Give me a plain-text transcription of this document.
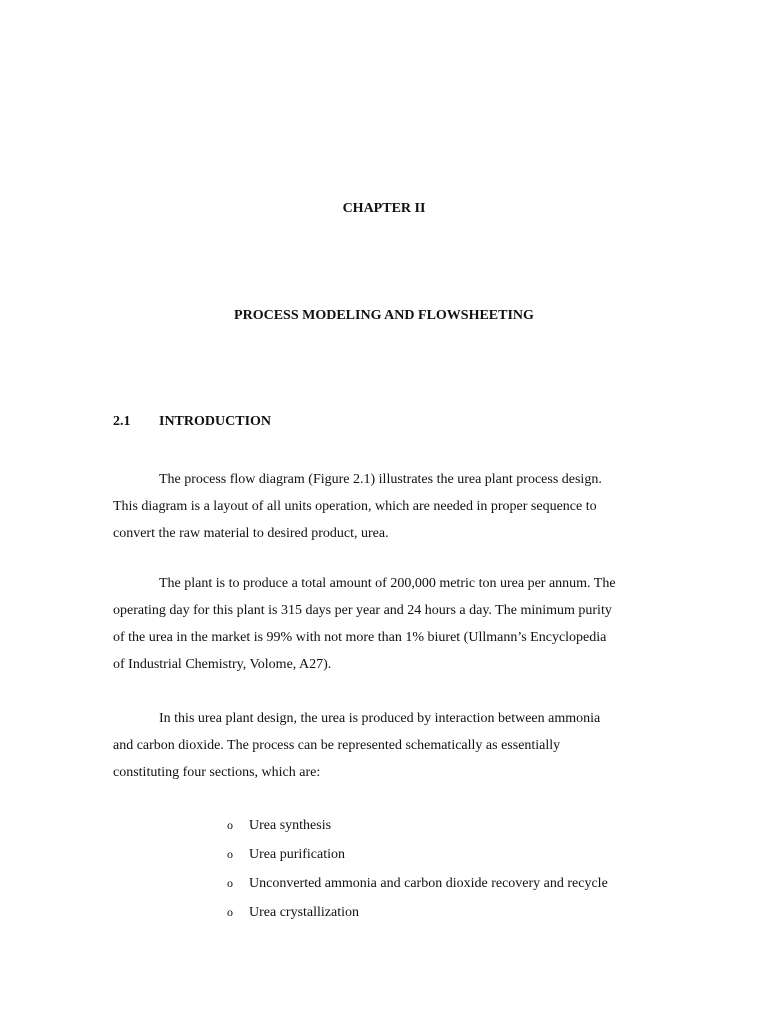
CHAPTER II
PROCESS MODELING AND FLOWSHEETING
2.1 INTRODUCTION

The process flow diagram (Figure 2.1) illustrates the urea plant process design.
This diagram is a layout of all units operation, which are needed in proper sequence to
convert the raw material to desired product, urea.

The plant is to produce a total amount of 200,000 metric ton urea per annum. The
operating day for this plant is 315 days per year and 24 hours a day. The minimum purity
of the urea in the market is 99% with not more than 1% biuret (Ullmann’s Encyclopedia
of Industrial Chemistry, Volome, A27).

In this urea plant design, the urea is produced by interaction between ammonia
and carbon dioxide. The process can be represented schematically as essentially
constituting four sections, which are:

o Urea synthesis
o Urea purification
o Unconverted ammonia and carbon dioxide recovery and recycle
o Urea crystallization
